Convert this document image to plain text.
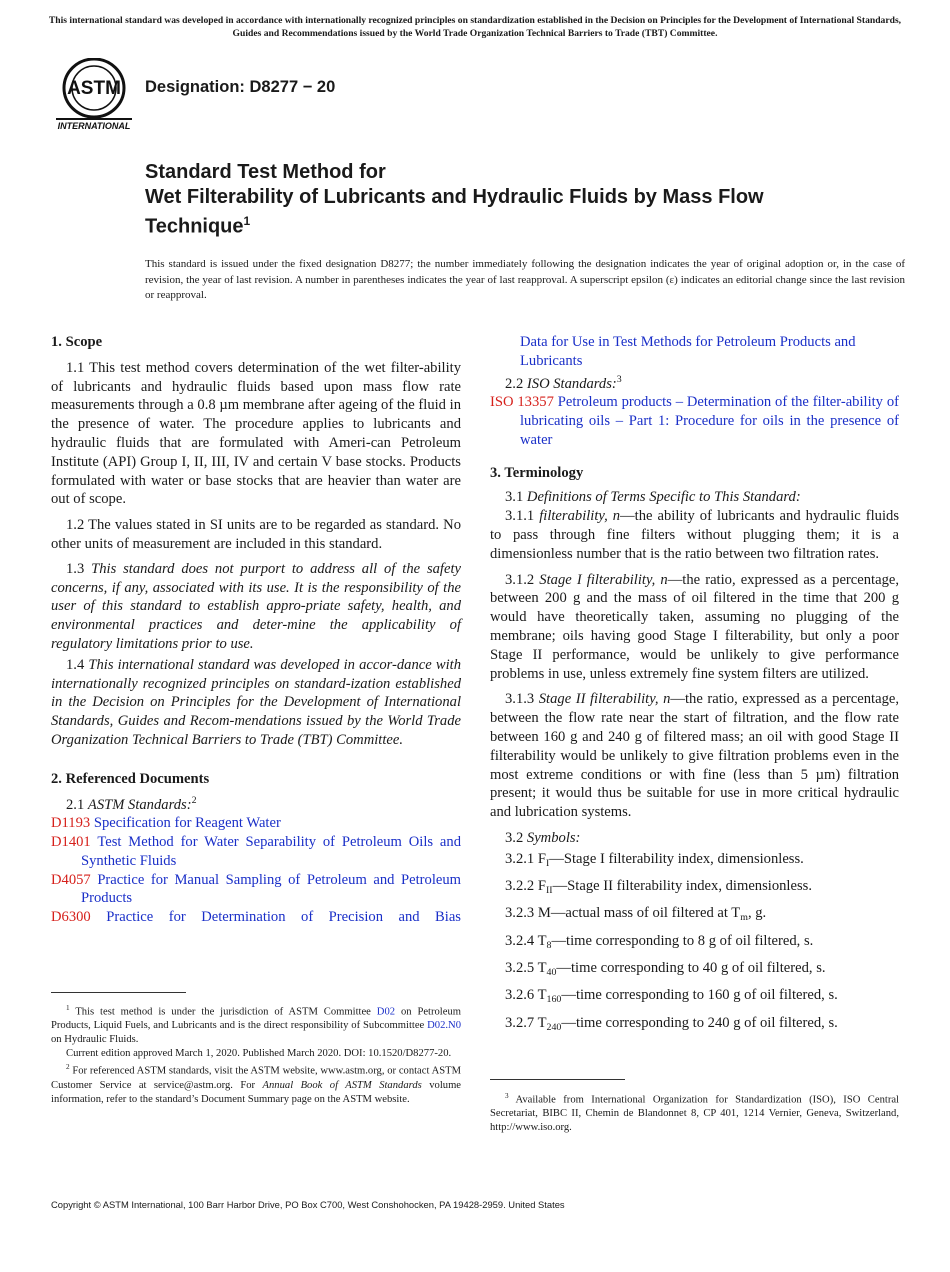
This international standard was developed in accordance with internationally recognized principles on standardization established in the Decision on Principles for the Development of International Standards, Guides and Recommendations issued by the World Trade Organization Technical Barriers to Trade (TBT) Committee.
ASTM
INTERNATIONAL
Designation: D8277 − 20
Standard Test Method for
Wet Filterability of Lubricants and Hydraulic Fluids by Mass Flow Technique$^1$
This standard is issued under the fixed designation D8277; the number immediately following the designation indicates the year of original adoption or, in the case of revision, the year of last revision. A number in parentheses indicates the year of last reapproval. A superscript epsilon (ε) indicates an editorial change since the last revision or reapproval.
1. Scope
1.1 This test method covers determination of the wet filter-ability of lubricants and hydraulic fluids based upon mass flow rate measurements through a 0.8 µm membrane after ageing of the fluid in the presence of water. The procedure applies to lubricants and hydraulic fluids that are formulated with Ameri-can Petroleum Institute (API) Group I, II, III, IV and certain V base stocks. Products formulated with water or base stocks that are heavier than water are out of scope.
1.2 The values stated in SI units are to be regarded as standard. No other units of measurement are included in this standard.
1.3 This standard does not purport to address all of the safety concerns, if any, associated with its use. It is the responsibility of the user of this standard to establish appro-priate safety, health, and environmental practices and deter-mine the applicability of regulatory limitations prior to use.
1.4 This international standard was developed in accor-dance with internationally recognized principles on standard-ization established in the Decision on Principles for the Development of International Standards, Guides and Recom-mendations issued by the World Trade Organization Technical Barriers to Trade (TBT) Committee.
2. Referenced Documents
2.1 ASTM Standards:$^2$
D1193 Specification for Reagent Water
D1401 Test Method for Water Separability of Petroleum Oils and Synthetic Fluids
D4057 Practice for Manual Sampling of Petroleum and Petroleum Products
D6300 Practice for Determination of Precision and Bias
$^1$ This test method is under the jurisdiction of ASTM Committee D02 on Petroleum Products, Liquid Fuels, and Lubricants and is the direct responsibility of Subcommittee D02.N0 on Hydraulic Fluids.
Current edition approved March 1, 2020. Published March 2020. DOI: 10.1520/D8277-20.
$^2$ For referenced ASTM standards, visit the ASTM website, www.astm.org, or contact ASTM Customer Service at service@astm.org. For Annual Book of ASTM Standards volume information, refer to the standard’s Document Summary page on the ASTM website.
Data for Use in Test Methods for Petroleum Products and Lubricants
2.2 ISO Standards:$^3$
ISO 13357 Petroleum products – Determination of the filter-ability of lubricating oils – Part 1: Procedure for oils in the presence of water
3. Terminology
3.1 Definitions of Terms Specific to This Standard:
3.1.1 filterability, n—the ability of lubricants and hydraulic fluids to pass through fine filters without plugging them; it is a dimensionless number that is the ratio between two filtration rates.
3.1.2 Stage I filterability, n—the ratio, expressed as a percentage, between 200 g and the mass of oil filtered in the time that 200 g would have theoretically taken, assuming no plugging of the membrane; oils having good Stage I filterability, but only a poor Stage II performance, would be unlikely to give performance problems in use, unless extremely fine system filters are utilized.
3.1.3 Stage II filterability, n—the ratio, expressed as a percentage, between the flow rate near the start of filtration, and the flow rate between 160 g and 240 g of filtered mass; an oil with good Stage II filterability would be unlikely to give filtration problems even in the most extreme conditions or with fine (less than 5 µm) filtration present; it would thus be suitable for use in more critical hydraulic and lubrication systems.
3.2 Symbols:
3.2.1 $F_I—Stage$ I filterability index, dimensionless.
3.2.2 $F_{II}—Stage$ II filterability index, dimensionless.
3.2.3 M—actual mass of oil filtered at $T_m$, g.
3.2.4 $T_8—time$ corresponding to 8 g of oil filtered, s.
3.2.5 $T_{40}—time$ corresponding to 40 g of oil filtered, s.
3.2.6 $T_{160}—time$ corresponding to 160 g of oil filtered, s.
3.2.7 $T_{240}—time$ corresponding to 240 g of oil filtered, s.
$^3$ Available from International Organization for Standardization (ISO), ISO Central Secretariat, BIBC II, Chemin de Blandonnet 8, CP 401, 1214 Vernier, Geneva, Switzerland, http://www.iso.org.
Copyright © ASTM International, 100 Barr Harbor Drive, PO Box C700, West Conshohocken, PA 19428-2959. United States
